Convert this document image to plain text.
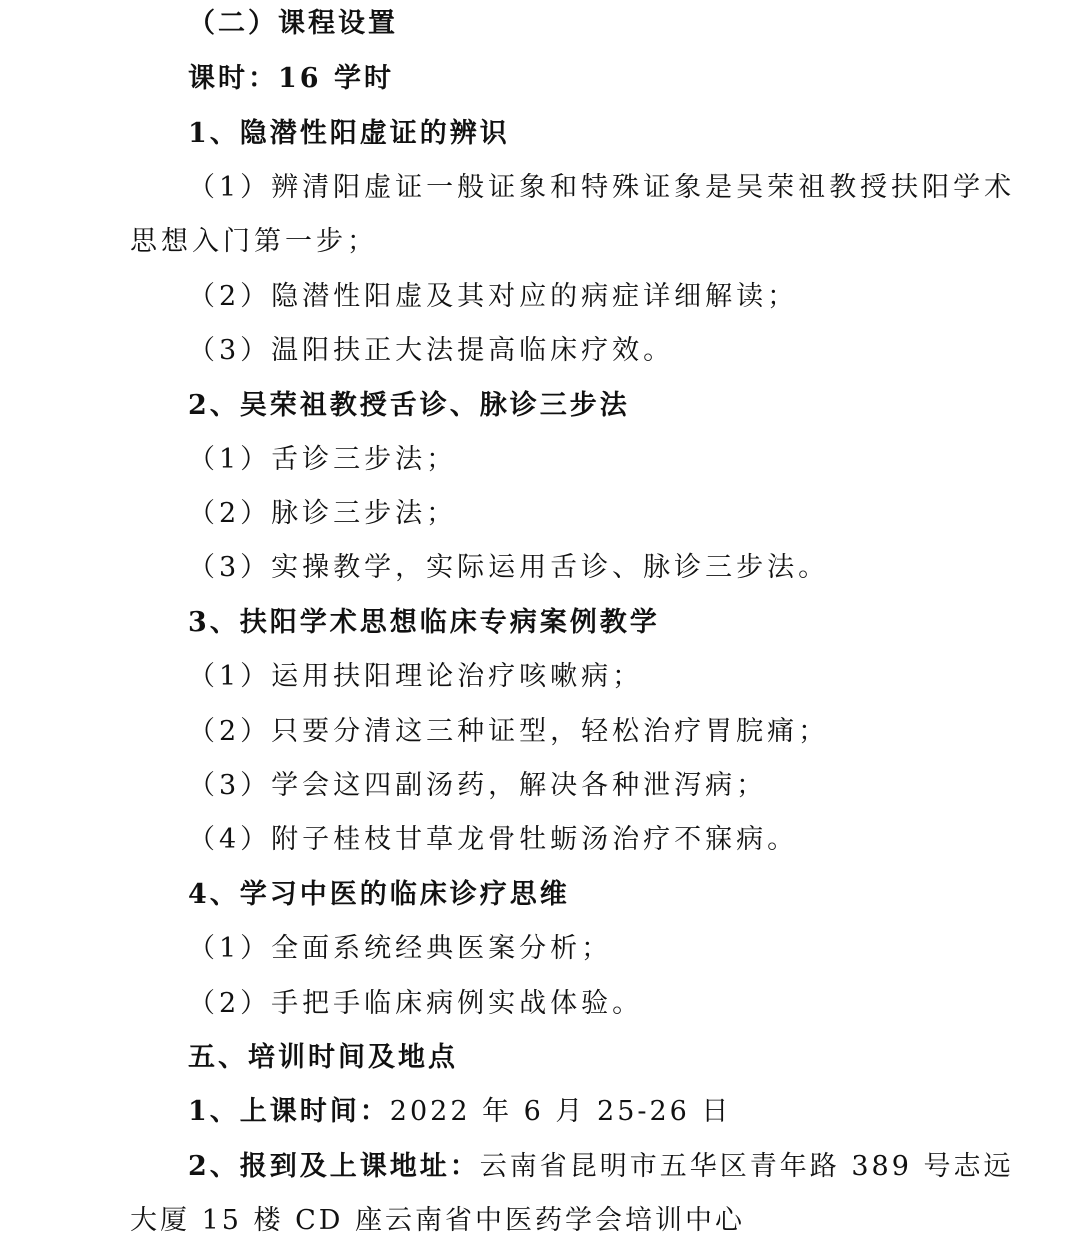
（二）课程设置
课时：16 学时
1、隐潜性阳虚证的辨识
（1）辨清阳虚证一般证象和特殊证象是吴荣祖教授扶阳学术
思想入门第一步；
（2）隐潜性阳虚及其对应的病症详细解读；
（3）温阳扶正大法提高临床疗效。
2、吴荣祖教授舌诊、脉诊三步法
（1）舌诊三步法；
（2）脉诊三步法；
（3）实操教学，实际运用舌诊、脉诊三步法。
3、扶阳学术思想临床专病案例教学
（1）运用扶阳理论治疗咳嗽病；
（2）只要分清这三种证型，轻松治疗胃脘痛；
（3）学会这四副汤药，解决各种泄泻病；
（4）附子桂枝甘草龙骨牡蛎汤治疗不寐病。
4、学习中医的临床诊疗思维
（1）全面系统经典医案分析；
（2）手把手临床病例实战体验。
五、培训时间及地点
1、上课时间：2022 年 6 月 25-26 日
2、报到及上课地址：云南省昆明市五华区青年路 389 号志远
大厦 15 楼 CD 座云南省中医药学会培训中心
